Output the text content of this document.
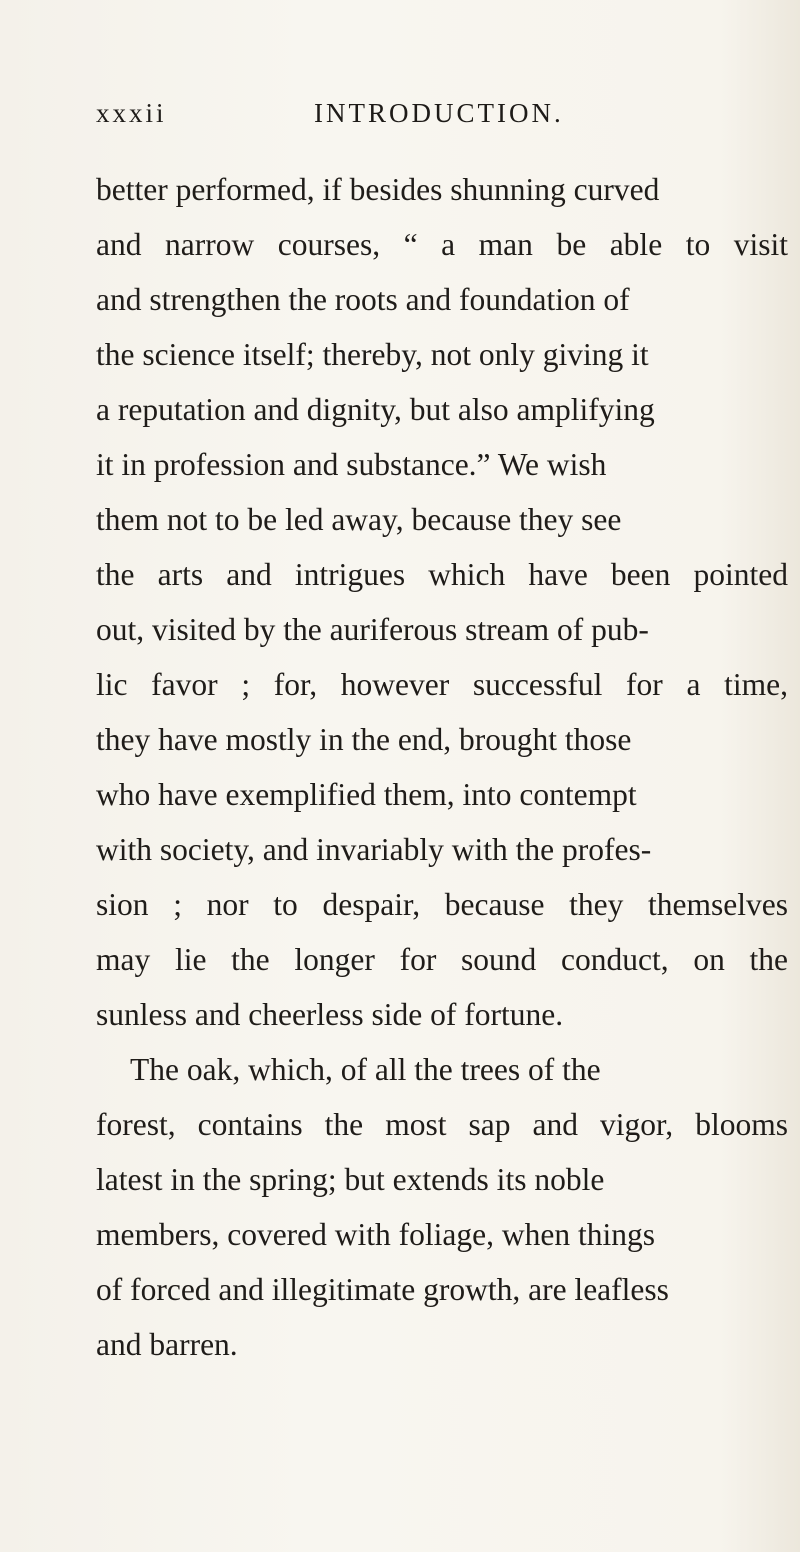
xxxii	INTRODUCTION.

better performed, if besides shunning curved

and narrow courses, “ a man be able to visit

and strengthen the roots and foundation of

the science itself; thereby, not only giving it

a reputation and dignity, but also amplifying

it in profession and substance.” We wish

them not to be led away, because they see

the arts and intrigues which have been pointed

out, visited by the auriferous stream of pub-

lic favor ; for, however successful for a time,

they have mostly in the end, brought those

who have exemplified them, into contempt

with society, and invariably with the profes-

sion ; nor to despair, because they themselves

may lie the longer for sound conduct, on the

sunless and cheerless side of fortune.

The oak, which, of all the trees of the

forest, contains the most sap and vigor, blooms

latest in the spring; but extends its noble

members, covered with foliage, when things

of forced and illegitimate growth, are leafless

and barren.
